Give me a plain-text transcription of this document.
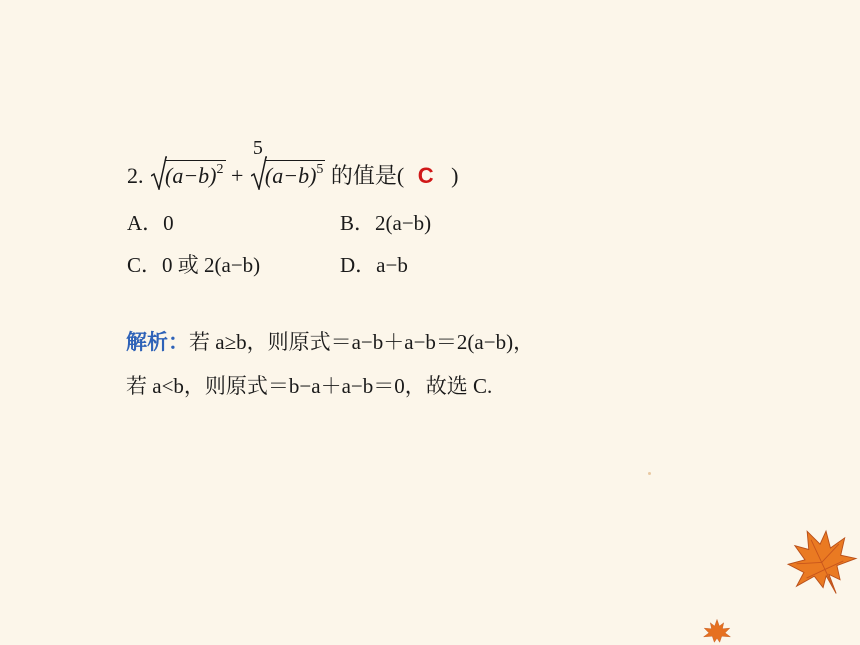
2. $(a-b)^2$ +
5
$(a-b)^5$ 的值是( C )
A．0	B．2(a−b)
C．0 或 2(a−b)	D．a−b
解析：若 a≥b，则原式＝a−b＋a−b＝2(a−b)，
若 a<b，则原式＝b−a＋a−b＝0，故选 C.
